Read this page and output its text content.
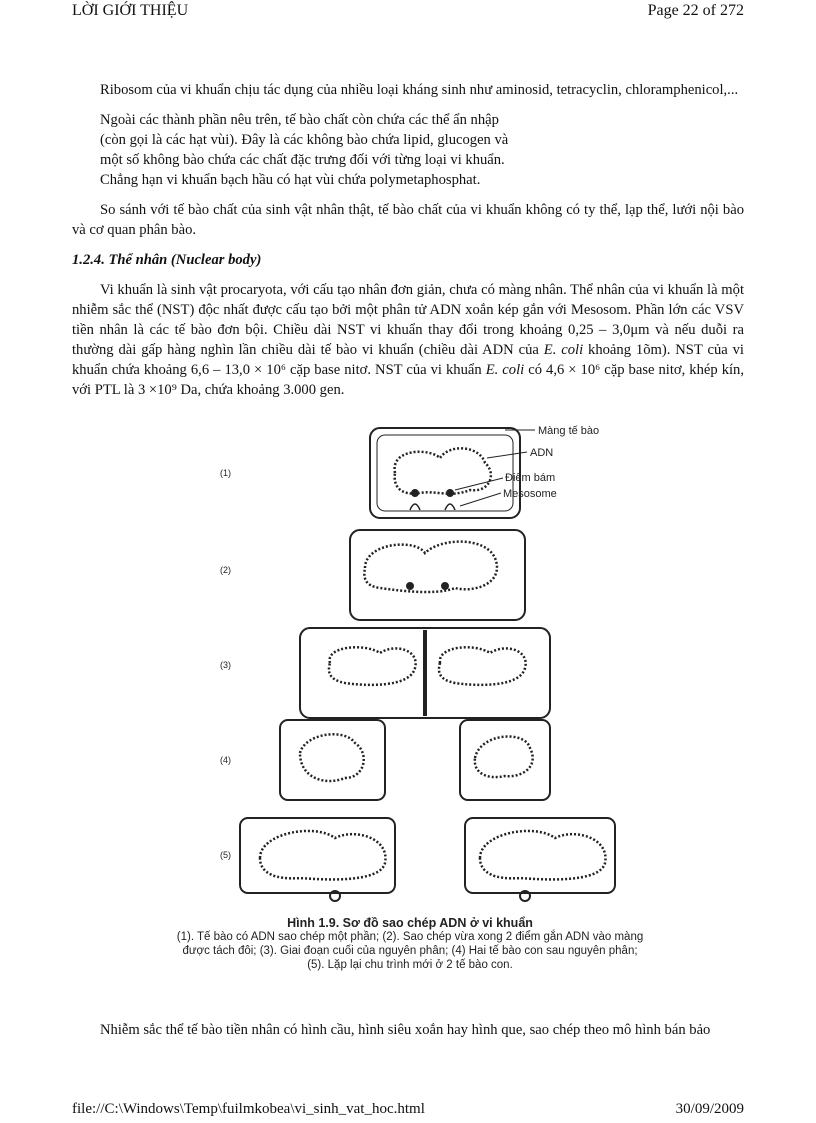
LỜI GIỚI THIỆU	Page 22 of 272

Ribosom của vi khuẩn chịu tác dụng của nhiều loại kháng sinh như aminosid, tetracyclin, chloramphenicol,...

Ngoài các thành phần nêu trên, tế bào chất còn chứa các thể ẩn nhập
(còn gọi là các hạt vùi). Đây là các không bào chứa lipid, glucogen và
một số không bào chứa các chất đặc trưng đối với từng loại vi khuẩn.
Chẳng hạn vi khuẩn bạch hầu có hạt vùi chứa polymetaphosphat.

So sánh với tế bào chất của sinh vật nhân thật, tế bào chất của vi khuẩn không có ty thể, lạp thể, lưới nội bào và cơ quan phân bào.

1.2.4. Thể nhân (Nuclear body)

Vi khuẩn là sinh vật procaryota, với cấu tạo nhân đơn giản, chưa có màng nhân. Thể nhân của vi khuẩn là một nhiễm sắc thể (NST) độc nhất được cấu tạo bởi một phân tử ADN xoắn kép gắn với Mesosom. Phần lớn các VSV tiền nhân là các tế bào đơn bội. Chiều dài NST vi khuẩn thay đổi trong khoảng 0,25 – 3,0μm và nếu duỗi ra thường dài gấp hàng nghìn lần chiều dài tế bào vi khuẩn (chiều dài ADN của E. coli khoảng 1õm). NST của vi khuẩn chứa khoảng 6,6 – 13,0 × 10⁶ cặp base nitơ. NST của vi khuẩn E. coli có 4,6 × 10⁶ cặp base nitơ, khép kín, với PTL là 3 ×10⁹ Da, chứa khoảng 3.000 gen.

Màng tế bào
ADN
Điểm bám
Mesosome
(1)
(2)
(3)
(4)
(5)
Hình 1.9. Sơ đồ sao chép ADN ở vi khuẩn
(1). Tế bào có ADN sao chép một phần; (2). Sao chép vừa xong 2 điểm gắn ADN vào màng
được tách đôi; (3). Giai đoạn cuối của nguyên phân; (4) Hai tế bào con sau nguyên phân;
(5). Lặp lại chu trình mới ở 2 tế bào con.
Nhiễm sắc thể tế bào tiền nhân có hình cầu, hình siêu xoắn hay hình que, sao chép theo mô hình bán bảo
file://C:\Windows\Temp\fuilmkobea\vi_sinh_vat_hoc.html	30/09/2009
